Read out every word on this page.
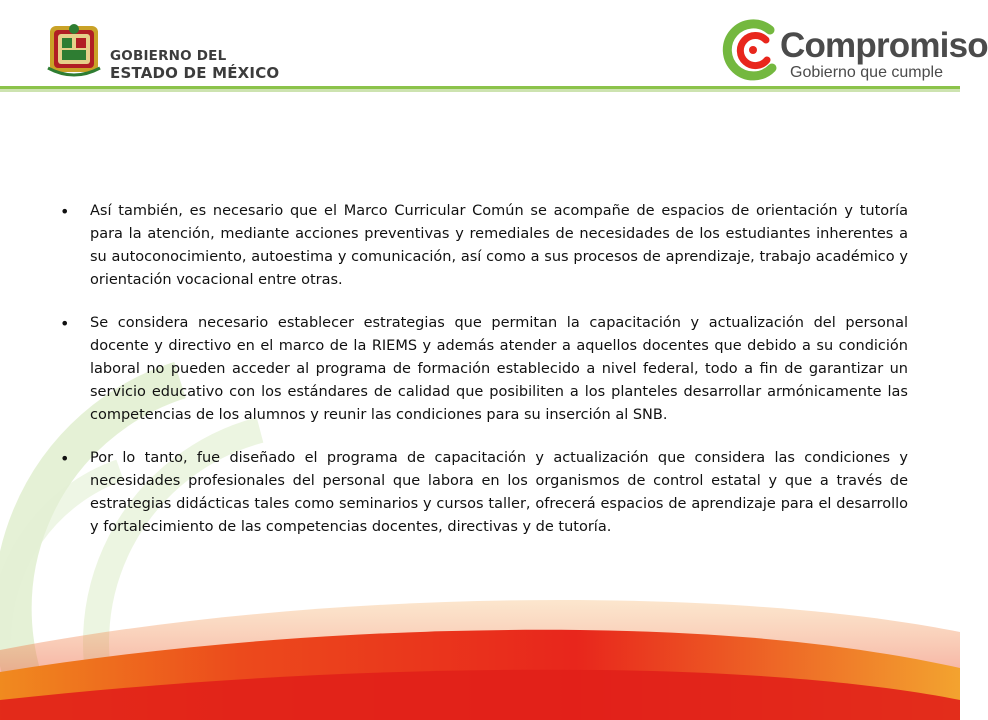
GOBIERNO DEL
ESTADO DE MÉXICO
Compromiso
Gobierno que cumple

• Así también, es necesario que el Marco Curricular Común se acompañe de espacios de orientación y tutoría para la atención, mediante acciones preventivas y remediales de necesidades de los estudiantes inherentes a su autoconocimiento, autoestima y comunicación, así como a sus procesos de aprendizaje, trabajo académico y orientación vocacional entre otras.

• Se considera necesario establecer estrategias que permitan la capacitación y actualización del personal docente y directivo en el marco de la RIEMS y además atender a aquellos docentes que debido a su condición laboral no pueden acceder al programa de formación establecido a nivel federal, todo a fin de garantizar un servicio educativo con los estándares de calidad que posibiliten a los planteles desarrollar armónicamente las competencias de los alumnos y reunir las condiciones para su inserción al SNB.

• Por lo tanto, fue diseñado el programa de capacitación y actualización que considera las condiciones y necesidades profesionales del personal que labora en los organismos de control estatal y que a través de estrategias didácticas tales como seminarios y cursos taller, ofrecerá espacios de aprendizaje para el desarrollo y fortalecimiento de las competencias docentes, directivas y de tutoría.
